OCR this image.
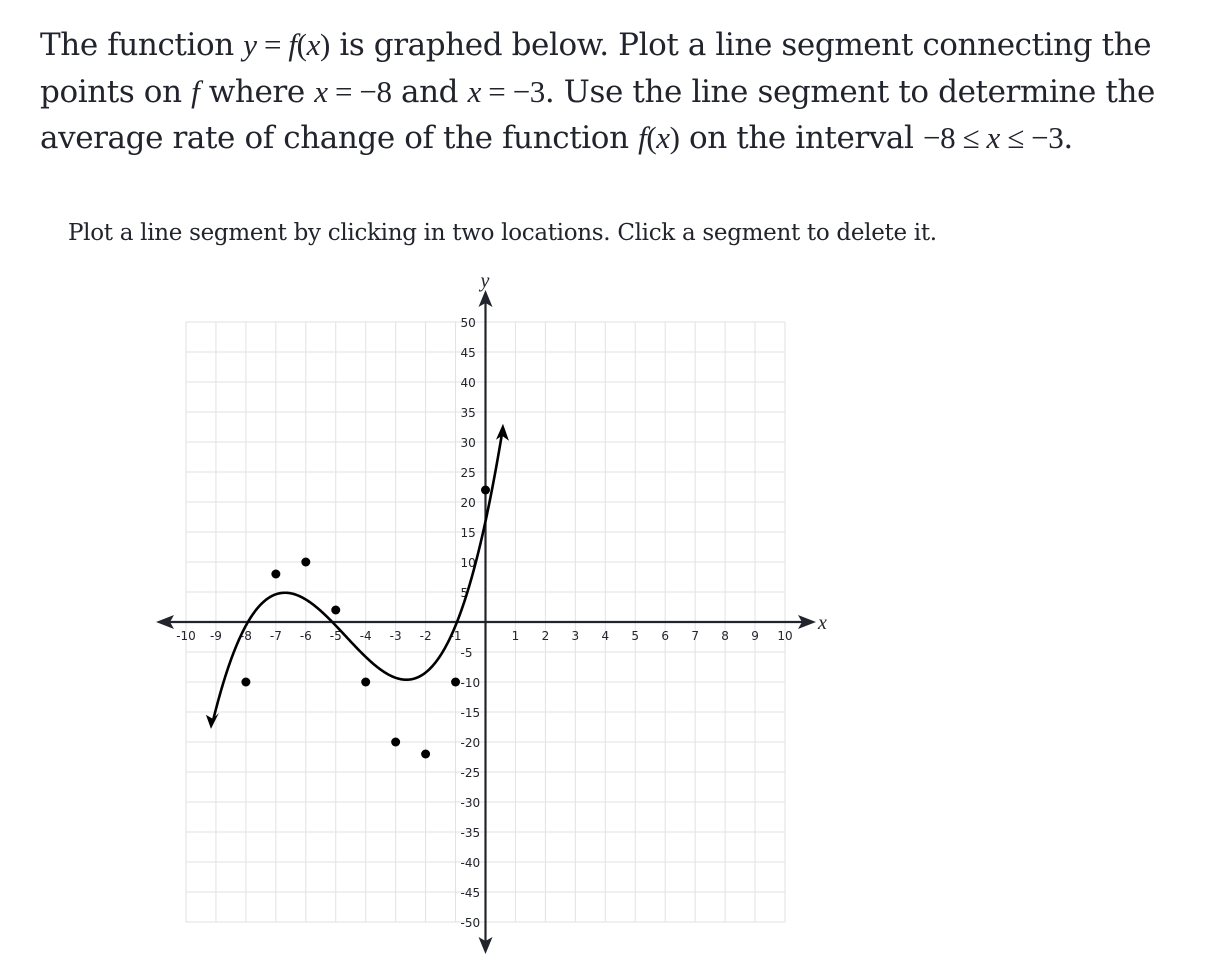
The function y = f(x) is graphed below. Plot a line segment connecting the points on f where x = −8 and x = −3. Use the line segment to determine the average rate of change of the function f(x) on the interval −8 ≤ x ≤ −3.
Plot a line segment by clicking in two locations. Click a segment to delete it.
x
y
-10 -9 -8 -7 -6 -5 -4 -3 -2 -1	1 2 3 4 5 6 7 8 9 10
50
45
40
35
30
25
20
15
10
5
-5
-10
-15
-20
-25
-30
-35
-40
-45
-50
